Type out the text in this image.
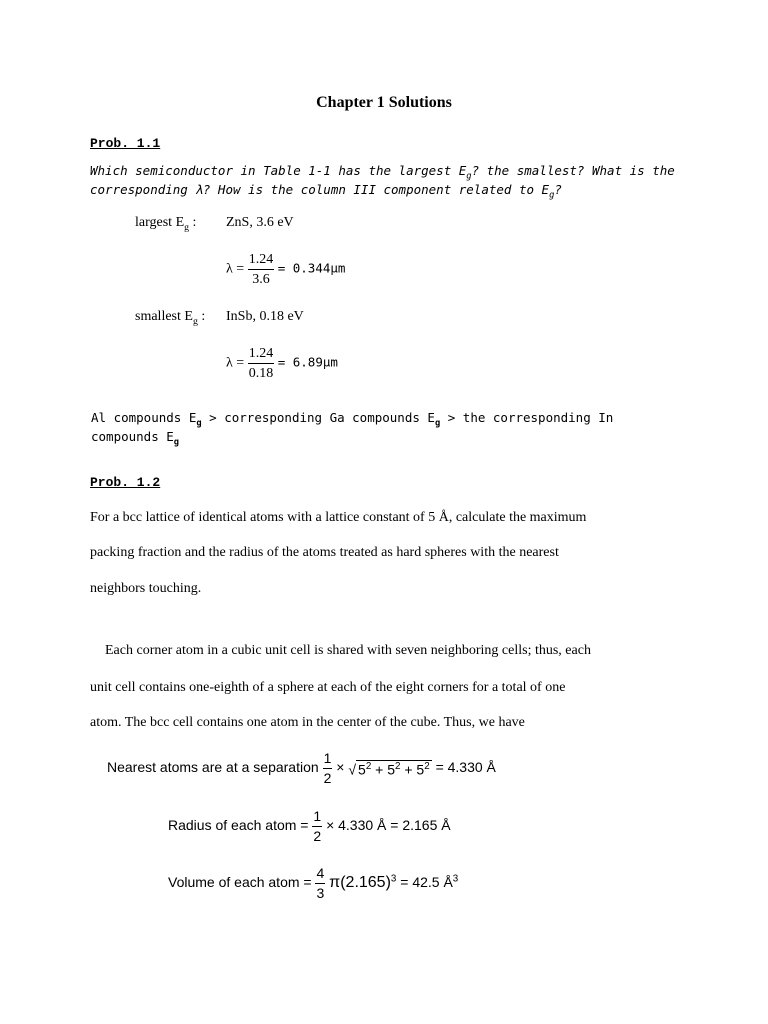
Chapter 1 Solutions
Prob. 1.1
Which semiconductor in Table 1-1 has the largest $E_g$? the smallest? What is the
corresponding λ? How is the column III component related to $E_g$?
largest $E_g$ : ZnS, 3.6 eV
$\lambda = \frac{1.24}{3.6} = 0.344\mu m$
smallest $E_g$ : InSb, 0.18 eV
$\lambda = \frac{1.24}{0.18} = 6.89\mu m$
Al compounds $E_g$ > corresponding Ga compounds $E_g$ > the corresponding In
compounds $E_g$
Prob. 1.2
For a bcc lattice of identical atoms with a lattice constant of 5 Å, calculate the maximum
packing fraction and the radius of the atoms treated as hard spheres with the nearest
neighbors touching.
Each corner atom in a cubic unit cell is shared with seven neighboring cells; thus, each
unit cell contains one-eighth of a sphere at each of the eight corners for a total of one
atom. The bcc cell contains one atom in the center of the cube. Thus, we have
Nearest atoms are at a separation $\frac{1}{2}$ × √ $5^2 + 5^2 + 5^2 = 4.330$ Å
Radius of each atom = $\frac{1}{2} \times 4.330$ Å = 2.165 Å
Volume of each atom = $\frac{4}{3} \pi(2.165)^3 = 42.5$ $Å^3$
